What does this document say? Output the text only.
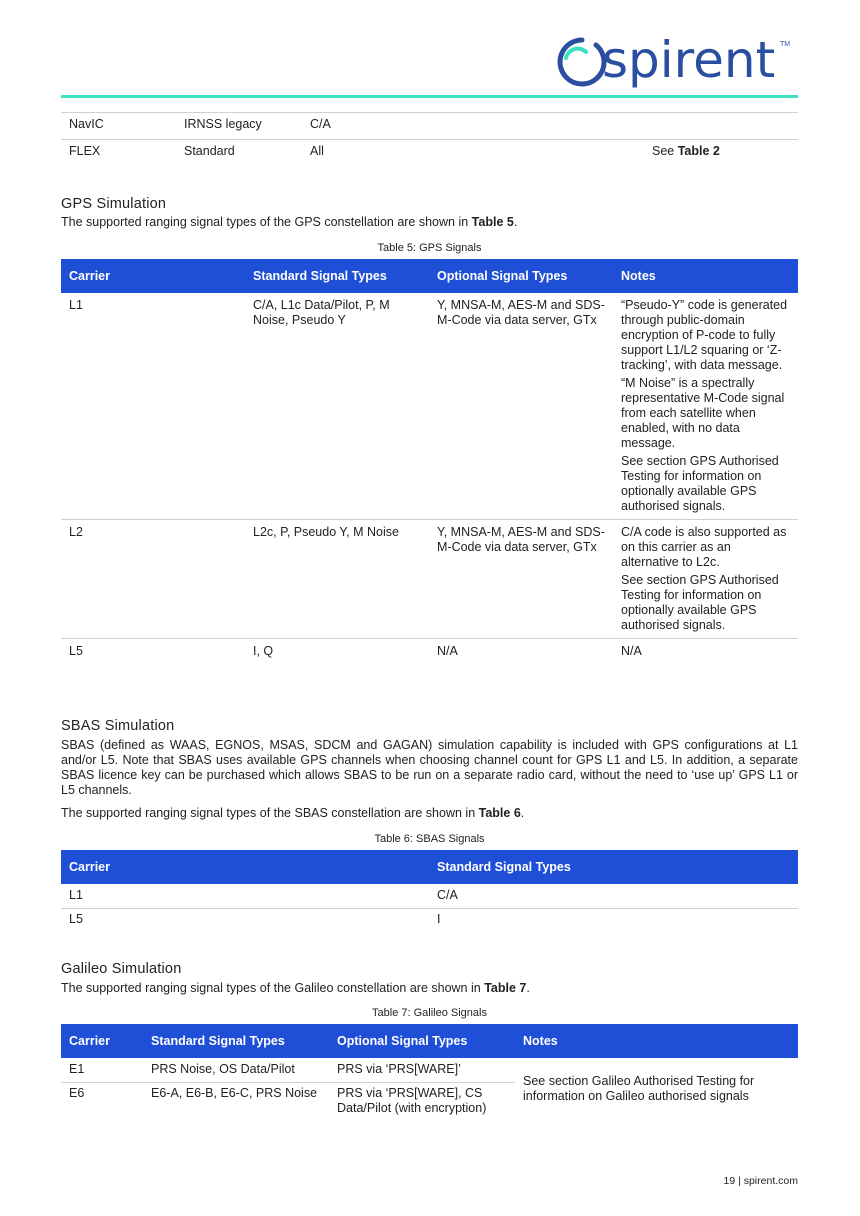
spirent TM
NavIC	IRNSS legacy	C/A	
FLEX	Standard	All	See Table 2
GPS Simulation

The supported ranging signal types of the GPS constellation are shown in Table 5.

Table 5: GPS Signals
Carrier	Standard Signal Types	Optional Signal Types	Notes
L1	C/A, L1c Data/Pilot, P, M Noise, Pseudo Y	Y, MNSA-M, AES-M and SDS-M-Code via data server, GTx	“Pseudo-Y” code is generated through public-domain encryption of P-code to fully support L1/L2 squaring or ‘Z-tracking’, with data message.

“M Noise” is a spectrally representative M-Code signal from each satellite when enabled, with no data message.

See section GPS Authorised Testing for information on optionally available GPS authorised signals.

L2	L2c, P, Pseudo Y, M Noise	Y, MNSA-M, AES-M and SDS-M-Code via data server, GTx	C/A code is also supported as on this carrier as an alternative to L2c.

See section GPS Authorised Testing for information on optionally available GPS authorised signals.

L5	I, Q	N/A	N/A
SBAS Simulation

SBAS (defined as WAAS, EGNOS, MSAS, SDCM and GAGAN) simulation capability is included with GPS configurations at L1 and/or L5. Note that SBAS uses available GPS channels when choosing channel count for GPS L1 and L5. In addition, a separate SBAS licence key can be purchased which allows SBAS to be run on a separate radio card, without the need to ‘use up’ GPS L1 or L5 channels.

The supported ranging signal types of the SBAS constellation are shown in Table 6.

Table 6: SBAS Signals
Carrier	Standard Signal Types
L1	C/A
L5	I
Galileo Simulation

The supported ranging signal types of the Galileo constellation are shown in Table 7.

Table 7: Galileo Signals
Carrier	Standard Signal Types	Optional Signal Types	Notes
E1	PRS Noise, OS Data/Pilot	PRS via ‘PRS[WARE]’	See section Galileo Authorised Testing for information on Galileo authorised signals
E6	E6-A, E6-B, E6-C, PRS Noise	PRS via ‘PRS[WARE], CS Data/Pilot (with encryption)	
19 | spirent.com
